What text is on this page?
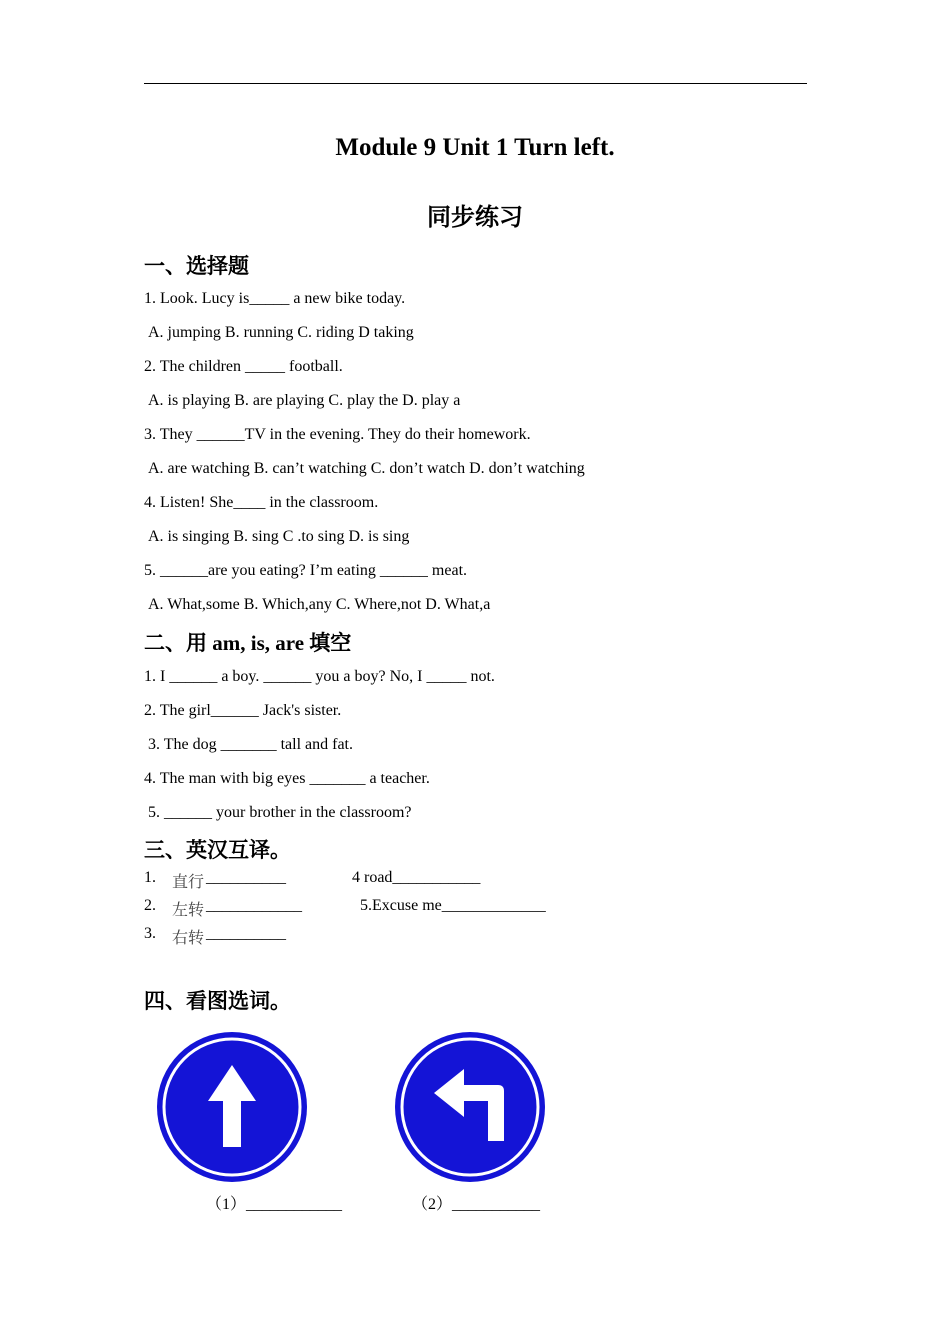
Module 9 Unit 1 Turn left.
同步练习
一、选择题
1. Look. Lucy is_____ a new bike today.
A. jumping B. running C. riding D taking
2. The children _____ football.
A. is playing B. are playing C. play the D. play a
3. They ______TV in the evening. They do their homework.
A. are watching B. can’t watching C. don’t watch D. don’t watching
4. Listen! She____ in the classroom.
A. is singing B. sing C .to sing D. is sing
5. ______are you eating? I’m eating ______ meat.
A. What,some B. Which,any C. Where,not D. What,a
二、用 am, is, are 填空
1. I ______ a boy. ______ you a boy? No, I _____ not.
2. The girl______ Jack's sister.
3. The dog _______ tall and fat.
4. The man with big eyes _______ a teacher.
5. ______ your brother in the classroom?
三、英汉互译。
1. 直行 __________	4 road___________
2. 左转 ____________	5.Excuse me_____________
3. 右转 __________
四、看图选词。
（1）____________	（2）___________
